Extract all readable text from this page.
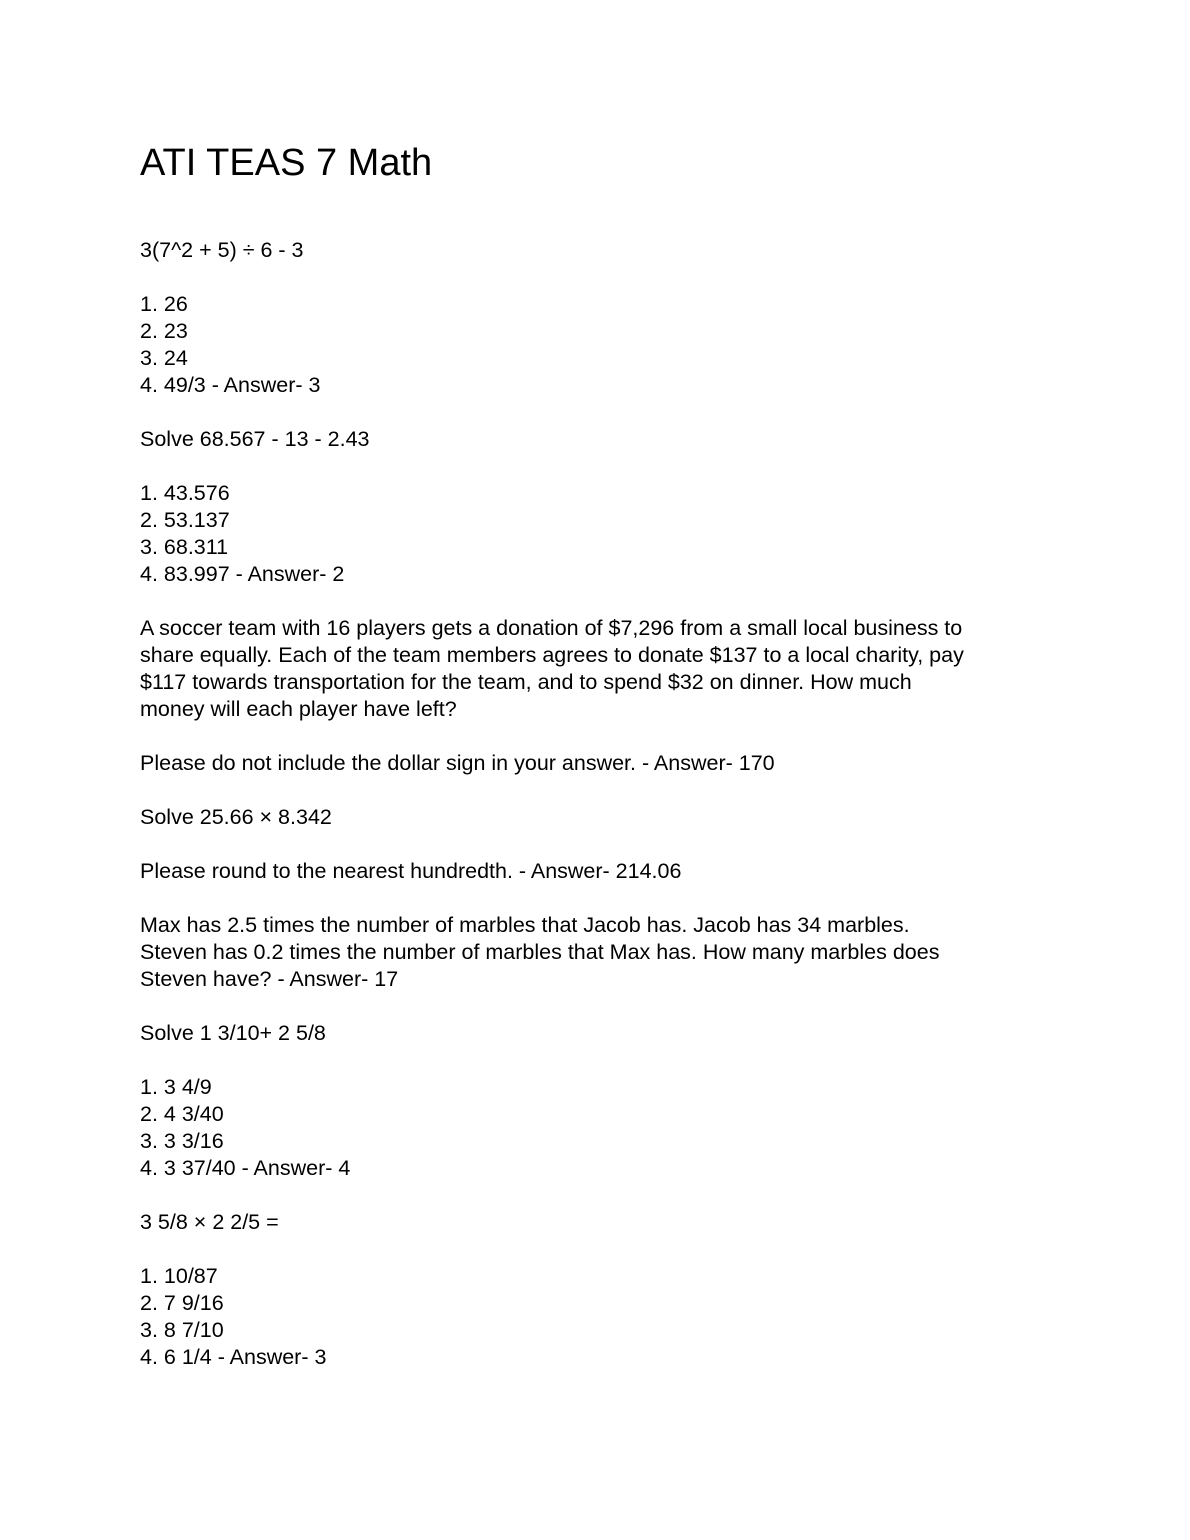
ATI TEAS 7 Math
3(7^2 + 5) ÷ 6 - 3
1. 26
2. 23
3. 24
4. 49/3 - Answer- 3
Solve 68.567 - 13 - 2.43
1. 43.576
2. 53.137
3. 68.311
4. 83.997 - Answer- 2
A soccer team with 16 players gets a donation of $7,296 from a small local business to
share equally. Each of the team members agrees to donate $137 to a local charity, pay
$117 towards transportation for the team, and to spend $32 on dinner. How much
money will each player have left?
Please do not include the dollar sign in your answer. - Answer- 170
Solve 25.66 × 8.342
Please round to the nearest hundredth. - Answer- 214.06
Max has 2.5 times the number of marbles that Jacob has. Jacob has 34 marbles.
Steven has 0.2 times the number of marbles that Max has. How many marbles does
Steven have? - Answer- 17
Solve 1 3/10+ 2 5/8
1. 3 4/9
2. 4 3/40
3. 3 3/16
4. 3 37/40 - Answer- 4
3 5/8 × 2 2/5 =
1. 10/87
2. 7 9/16
3. 8 7/10
4. 6 1/4 - Answer- 3
